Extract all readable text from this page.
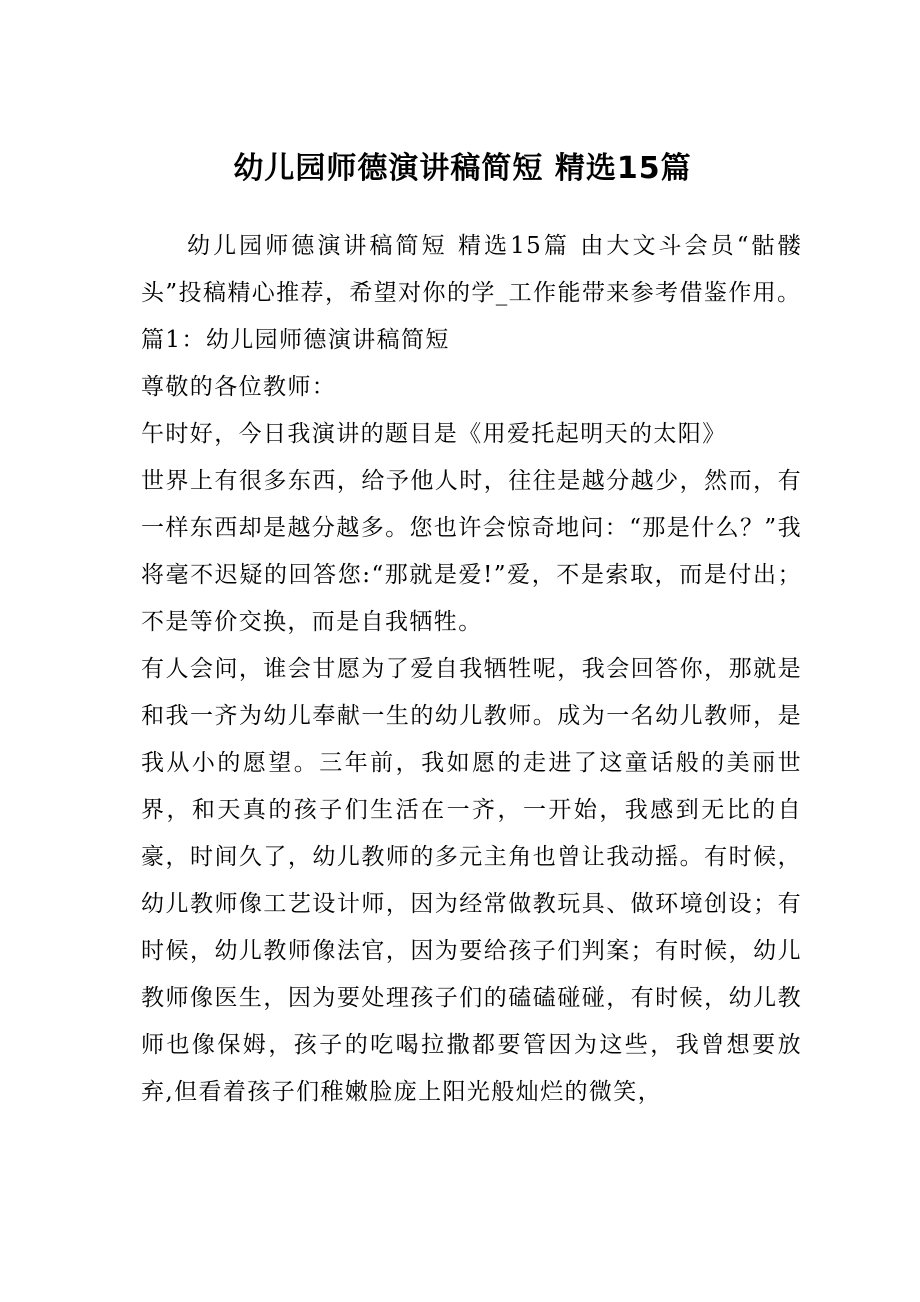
幼儿园师德演讲稿简短 精选15篇

幼儿园师德演讲稿简短 精选15篇 由大文斗会员“骷髅头”投稿精心推荐，希望对你的学_工作能带来参考借鉴作用。

篇1：幼儿园师德演讲稿简短

尊敬的各位教师：

午时好，今日我演讲的题目是《用爱托起明天的太阳》

世界上有很多东西，给予他人时，往往是越分越少，然而，有一样东西却是越分越多。您也许会惊奇地问：“那是什么？”我将毫不迟疑的回答您:“那就是爱!”爱，不是索取，而是付出；不是等价交换，而是自我牺牲。

有人会问，谁会甘愿为了爱自我牺牲呢，我会回答你，那就是和我一齐为幼儿奉献一生的幼儿教师。成为一名幼儿教师，是我从小的愿望。三年前，我如愿的走进了这童话般的美丽世界，和天真的孩子们生活在一齐，一开始，我感到无比的自豪，时间久了，幼儿教师的多元主角也曾让我动摇。有时候，幼儿教师像工艺设计师，因为经常做教玩具、做环境创设；有时候，幼儿教师像法官，因为要给孩子们判案；有时候，幼儿教师像医生，因为要处理孩子们的磕磕碰碰，有时候，幼儿教师也像保姆，孩子的吃喝拉撒都要管因为这些，我曾想要放弃,但看着孩子们稚嫩脸庞上阳光般灿烂的微笑，
